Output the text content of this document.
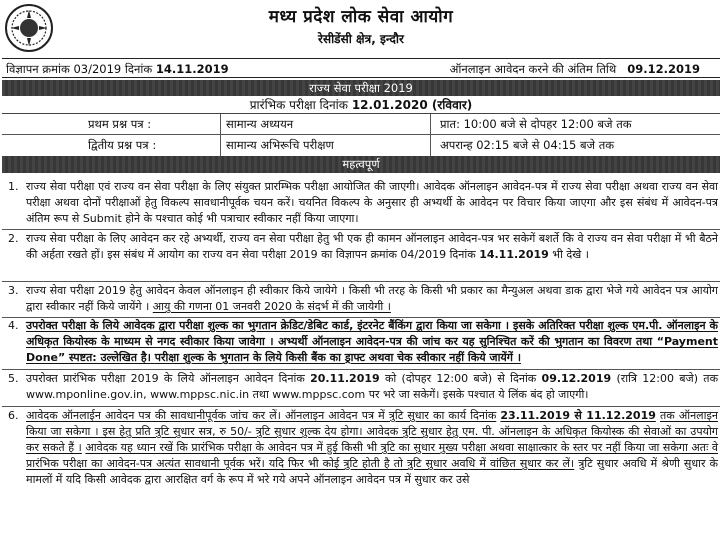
मध्य प्रदेश लोक सेवा आयोग
रेसीडेंसी क्षेत्र, इन्दौर
विज्ञापन क्रमांक 03/2019 दिनांक 14.11.2019	ऑनलाइन आवेदन करने की अंतिम तिथि 09.12.2019
राज्य सेवा परीक्षा 2019
प्रारंभिक परीक्षा दिनांक 12.01.2020 (रविवार)
प्रथम प्रश्न पत्र :	सामान्य अध्ययन	प्रात: 10:00 बजे से दोपहर 12:00 बजे तक
द्वितीय प्रश्न पत्र :	सामान्य अभिरूचि परीक्षण	अपरान्ह 02:15 बजे से 04:15 बजे तक
महत्वपूर्ण
1. राज्य सेवा परीक्षा एवं राज्य वन सेवा परीक्षा के लिए संयुक्त प्रारम्भिक परीक्षा आयोजित की जाएगी। आवेदक ऑनलाइन आवेदन-पत्र में राज्य सेवा परीक्षा अथवा राज्य वन सेवा परीक्षा अथवा दोनों परीक्षाओं हेतु विकल्प सावधानीपूर्वक चयन करें। चयनित विकल्प के अनुसार ही अभ्यर्थी के आवेदन पर विचार किया जाएगा और इस संबंध में आवेदन-पत्र अंतिम रूप से Submit होने के पश्चात कोई भी पत्राचार स्वीकार नहीं किया जाएगा।
2. राज्य सेवा परीक्षा के लिए आवेदन कर रहे अभ्यर्थी, राज्य वन सेवा परीक्षा हेतु भी एक ही कामन ऑनलाइन आवेदन-पत्र भर सकेगें बशर्ते कि वे राज्य वन सेवा परीक्षा में भी बैठने की अर्हता रखते हों। इस संबंध में आयोग का राज्य वन सेवा परीक्षा 2019 का विज्ञापन क्रमांक 04/2019 दिनांक 14.11.2019 भी देखे ।
3. राज्य सेवा परीक्षा 2019 हेतु आवेदन केवल ऑनलाइन ही स्वीकार किये जायेगे । किसी भी तरह के किसी भी प्रकार का मैन्युअल अथवा डाक द्वारा भेजे गये आवेदन पत्र आयोग द्वारा स्वीकार नहीं किये जायेंगे । आयु की गणना 01 जनवरी 2020 के संदर्भ में की जायेगी ।
4. उपरोक्त परीक्षा के लिये आवेदक द्वारा परीक्षा शुल्क का भुगतान क्रेडिट/डेबिट कार्ड, इंटरनेट बैंकिंग द्वारा किया जा सकेगा । इसके अतिरिक्त परीक्षा शुल्क एम.पी. ऑनलाइन के अधिकृत कियोस्क के माध्यम से नगद स्वीकार किया जावेगा । अभ्यर्थी ऑनलाइन आवेदन-पत्र की जांच कर यह सुनिश्चित करें की भुगतान का विवरण तथा “Payment Done” स्पष्टत: उल्लेखित है। परीक्षा शुल्क के भुगतान के लिये किसी बैंक का ड्राफ्ट अथवा चेक स्वीकार नहीं किये जायेंगें ।
5. उपरोक्त प्रारंभिक परीक्षा 2019 के लिये ऑनलाइन आवेदन दिनांक 20.11.2019 को (दोपहर 12:00 बजे) से दिनांक 09.12.2019 (रात्रि 12:00 बजे) तक www.mponline.gov.in, www.mppsc.nic.in तथा www.mppsc.com पर भरे जा सकेगें। इसके पश्चात ये लिंक बंद हो जाएगी।
6. आवेदक ऑनलाईन आवेदन पत्र की सावधानीपूर्वक जांच कर लें। ऑनलाइन आवेदन पत्र में त्रुटि सुधार का कार्य दिनांक 23.11.2019 से 11.12.2019 तक ऑनलाइन किया जा सकेगा । इस हेतु प्रति त्रुटि सुधार सत्र, रु 50/- त्रुटि सुधार शुल्क देय होगा। आवेदक त्रुटि सुधार हेतु एम. पी. ऑनलाइन के अधिकृत कियोस्क की सेवाओं का उपयोग कर सकते हैं । आवेदक यह ध्यान रखें कि प्रारंभिक परीक्षा के आवेदन पत्र में हुई किसी भी त्रुटि का सुधार मुख्य परीक्षा अथवा साक्षात्कार के स्तर पर नहीं किया जा सकेगा अतः वे प्रारंभिक परीक्षा का आवेदन-पत्र अत्यंत सावधानी पूर्वक भरें। यदि फिर भी कोई त्रुटि होती है तो त्रुटि सुधार अवधि में वांछित सुधार कर लें। त्रुटि सुधार अवधि में श्रेणी सुधार के मामलों में यदि किसी आवेदक द्वारा आरक्षित वर्ग के रूप में भरे गये अपने ऑनलाइन आवेदन पत्र में सुधार कर उसे
